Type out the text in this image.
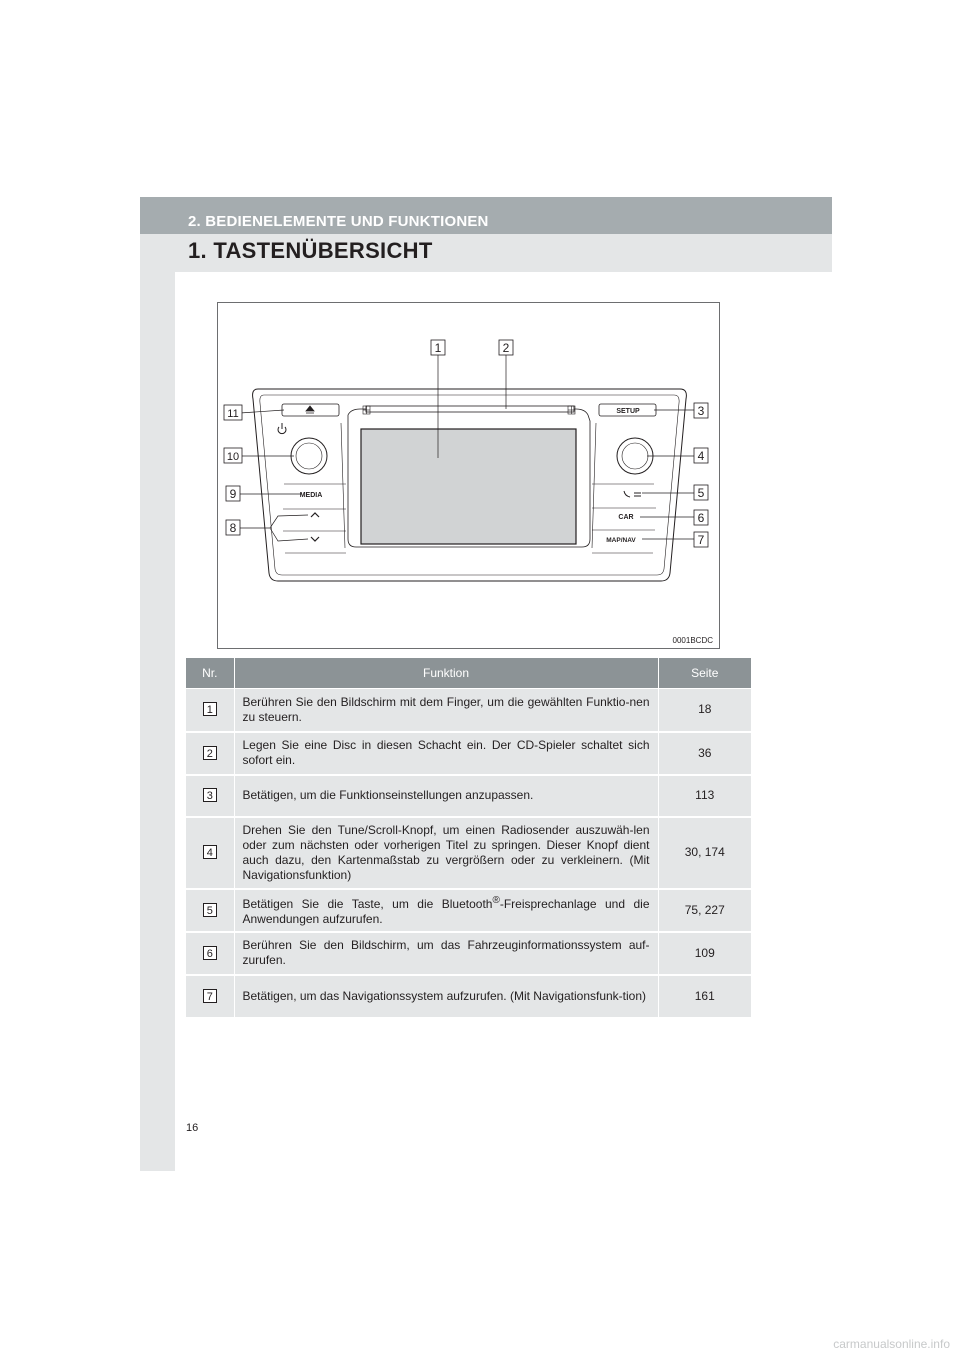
2. BEDIENELEMENTE UND FUNKTIONEN
1. TASTENÜBERSICHT
MEDIA
SETUP
CAR
MAP/NAV
1	2
3
4
5
6
7
8
9
10
11
0001BCDC
Nr.	Funktion	Seite
1	Berühren Sie den Bildschirm mit dem Finger, um die gewählten Funktio-nen zu steuern.	18
2	Legen Sie eine Disc in diesen Schacht ein. Der CD-Spieler schaltet sich sofort ein.	36
3	Betätigen, um die Funktionseinstellungen anzupassen.	113
4	Drehen Sie den Tune/Scroll-Knopf, um einen Radiosender auszuwäh-len oder zum nächsten oder vorherigen Titel zu springen. Dieser Knopf dient auch dazu, den Kartenmaßstab zu vergrößern oder zu verkleinern. (Mit Navigationsfunktion)	30, 174
5	Betätigen Sie die Taste, um die Bluetooth®-Freisprechanlage und die Anwendungen aufzurufen.	75, 227
6	Berühren Sie den Bildschirm, um das Fahrzeuginformationssystem auf-zurufen.	109
7	Betätigen, um das Navigationssystem aufzurufen. (Mit Navigationsfunk-tion)	161
16
carmanualsonline.info
